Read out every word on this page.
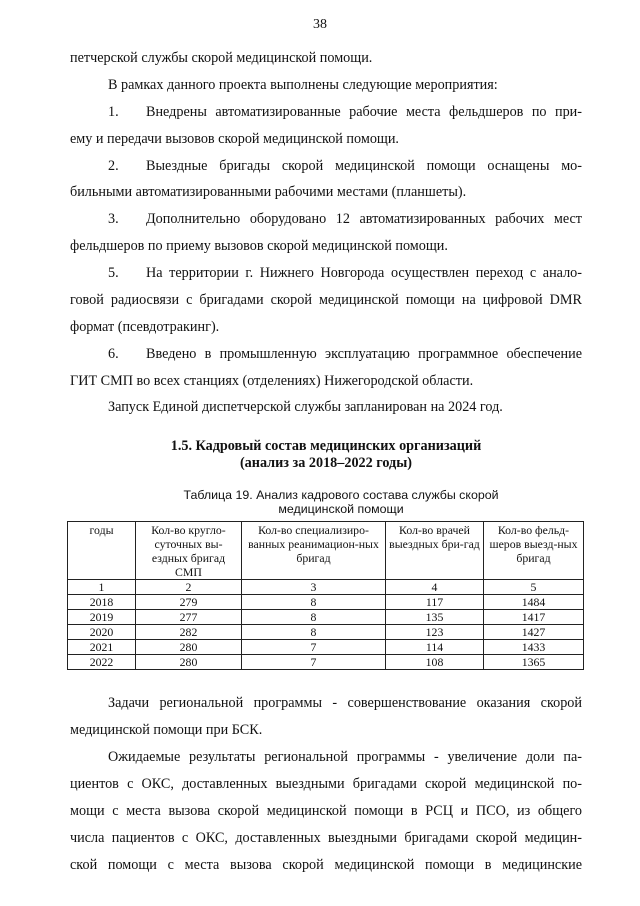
38
петчерской службы скорой медицинской помощи.
В рамках данного проекта выполнены следующие мероприятия:
1. Внедрены автоматизированные рабочие места фельдшеров по при-
ему и передачи вызовов скорой медицинской помощи.
2. Выездные бригады скорой медицинской помощи оснащены мо-
бильными автоматизированными рабочими местами (планшеты).
3. Дополнительно оборудовано 12 автоматизированных рабочих мест
фельдшеров по приему вызовов скорой медицинской помощи.
5. На территории г. Нижнего Новгорода осуществлен переход с анало-
говой радиосвязи с бригадами скорой медицинской помощи на цифровой DMR
формат (псевдотракинг).
6. Введено в промышленную эксплуатацию программное обеспечение
ГИТ СМП во всех станциях (отделениях) Нижегородской области.
Запуск Единой диспетчерской службы запланирован на 2024 год.
1.5. Кадровый состав медицинских организаций
(анализ за 2018–2022 годы)
Таблица 19. Анализ кадрового состава службы скорой
медицинской помощи
годы	Кол-во кругло-суточных вы-ездных бригад СМП	Кол-во специализиро-ванных реанимацион-ных бригад	Кол-во врачей выездных бри-гад	Кол-во фельд-шеров выезд-ных бригад
1	2	3	4	5
2018	279	8	117	1484
2019	277	8	135	1417
2020	282	8	123	1427
2021	280	7	114	1433
2022	280	7	108	1365
Задачи региональной программы - совершенствование оказания скорой
медицинской помощи при БСК.
Ожидаемые результаты региональной программы - увеличение доли па-
циентов с ОКС, доставленных выездными бригадами скорой медицинской по-
мощи с места вызова скорой медицинской помощи в РСЦ и ПСО, из общего
числа пациентов с ОКС, доставленных выездными бригадами скорой медицин-
ской помощи с места вызова скорой медицинской помощи в медицинские
